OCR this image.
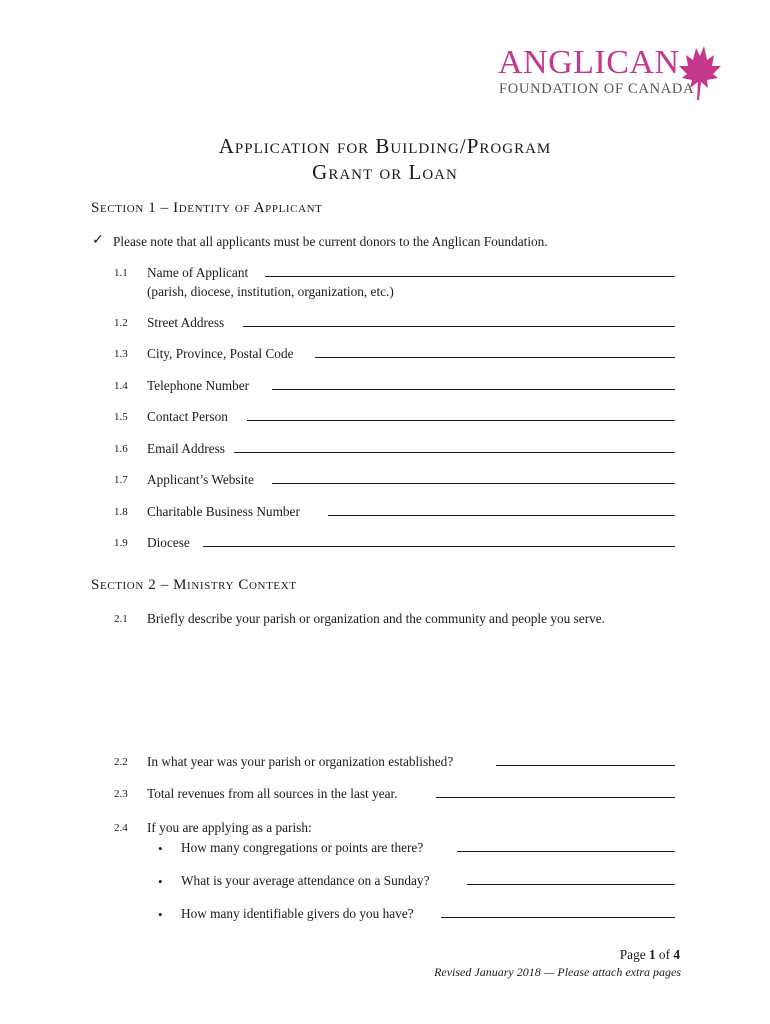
ANGLICAN
FOUNDATION OF CANADA
Application for Building/Program
Grant or Loan
Section 1 – Identity of Applicant
✓ Please note that all applicants must be current donors to the Anglican Foundation.
1.1 Name of Applicant
(parish, diocese, institution, organization, etc.)
1.2 Street Address
1.3 City, Province, Postal Code
1.4 Telephone Number
1.5 Contact Person
1.6 Email Address
1.7 Applicant’s Website
1.8 Charitable Business Number
1.9 Diocese
Section 2 – Ministry Context
2.1 Briefly describe your parish or organization and the community and people you serve.
2.2 In what year was your parish or organization established?
2.3 Total revenues from all sources in the last year.
2.4 If you are applying as a parish:
• How many congregations or points are there?
• What is your average attendance on a Sunday?
• How many identifiable givers do you have?
Page 1 of 4
Revised January 2018 — Please attach extra pages
